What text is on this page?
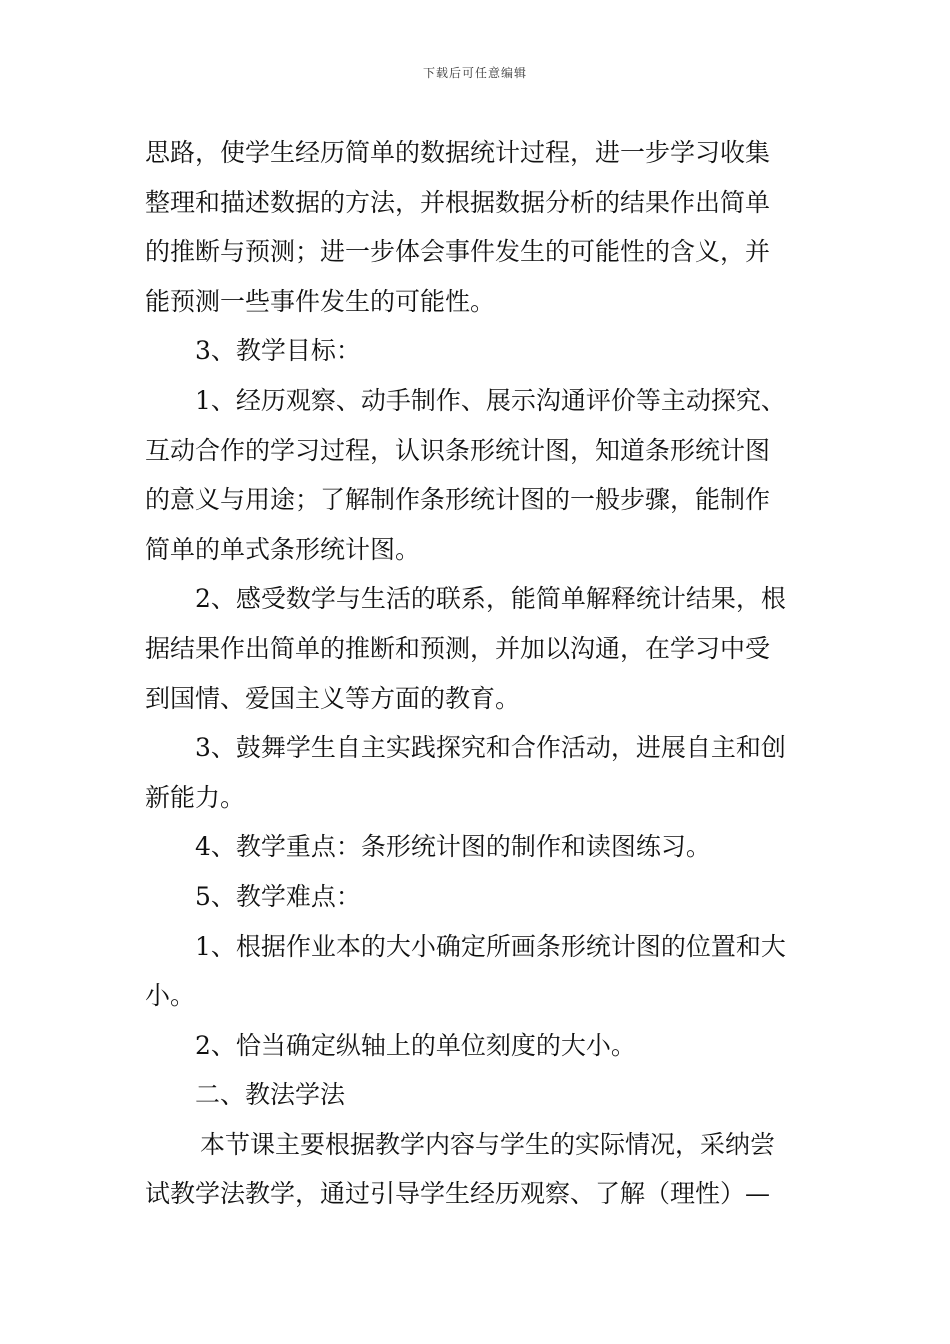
下载后可任意编辑
思路，使学生经历简单的数据统计过程，进一步学习收集
整理和描述数据的方法，并根据数据分析的结果作出简单
的推断与预测；进一步体会事件发生的可能性的含义，并
能预测一些事件发生的可能性。
3、教学目标：
1、经历观察、动手制作、展示沟通评价等主动探究、
互动合作的学习过程，认识条形统计图，知道条形统计图
的意义与用途；了解制作条形统计图的一般步骤，能制作
简单的单式条形统计图。
2、感受数学与生活的联系，能简单解释统计结果，根
据结果作出简单的推断和预测，并加以沟通，在学习中受
到国情、爱国主义等方面的教育。
3、鼓舞学生自主实践探究和合作活动，进展自主和创
新能力。
4、教学重点：条形统计图的制作和读图练习。
5、教学难点：
1、根据作业本的大小确定所画条形统计图的位置和大
小。
2、恰当确定纵轴上的单位刻度的大小。
二、教法学法
本节课主要根据教学内容与学生的实际情况，采纳尝
试教学法教学，通过引导学生经历观察、了解（理性）—
